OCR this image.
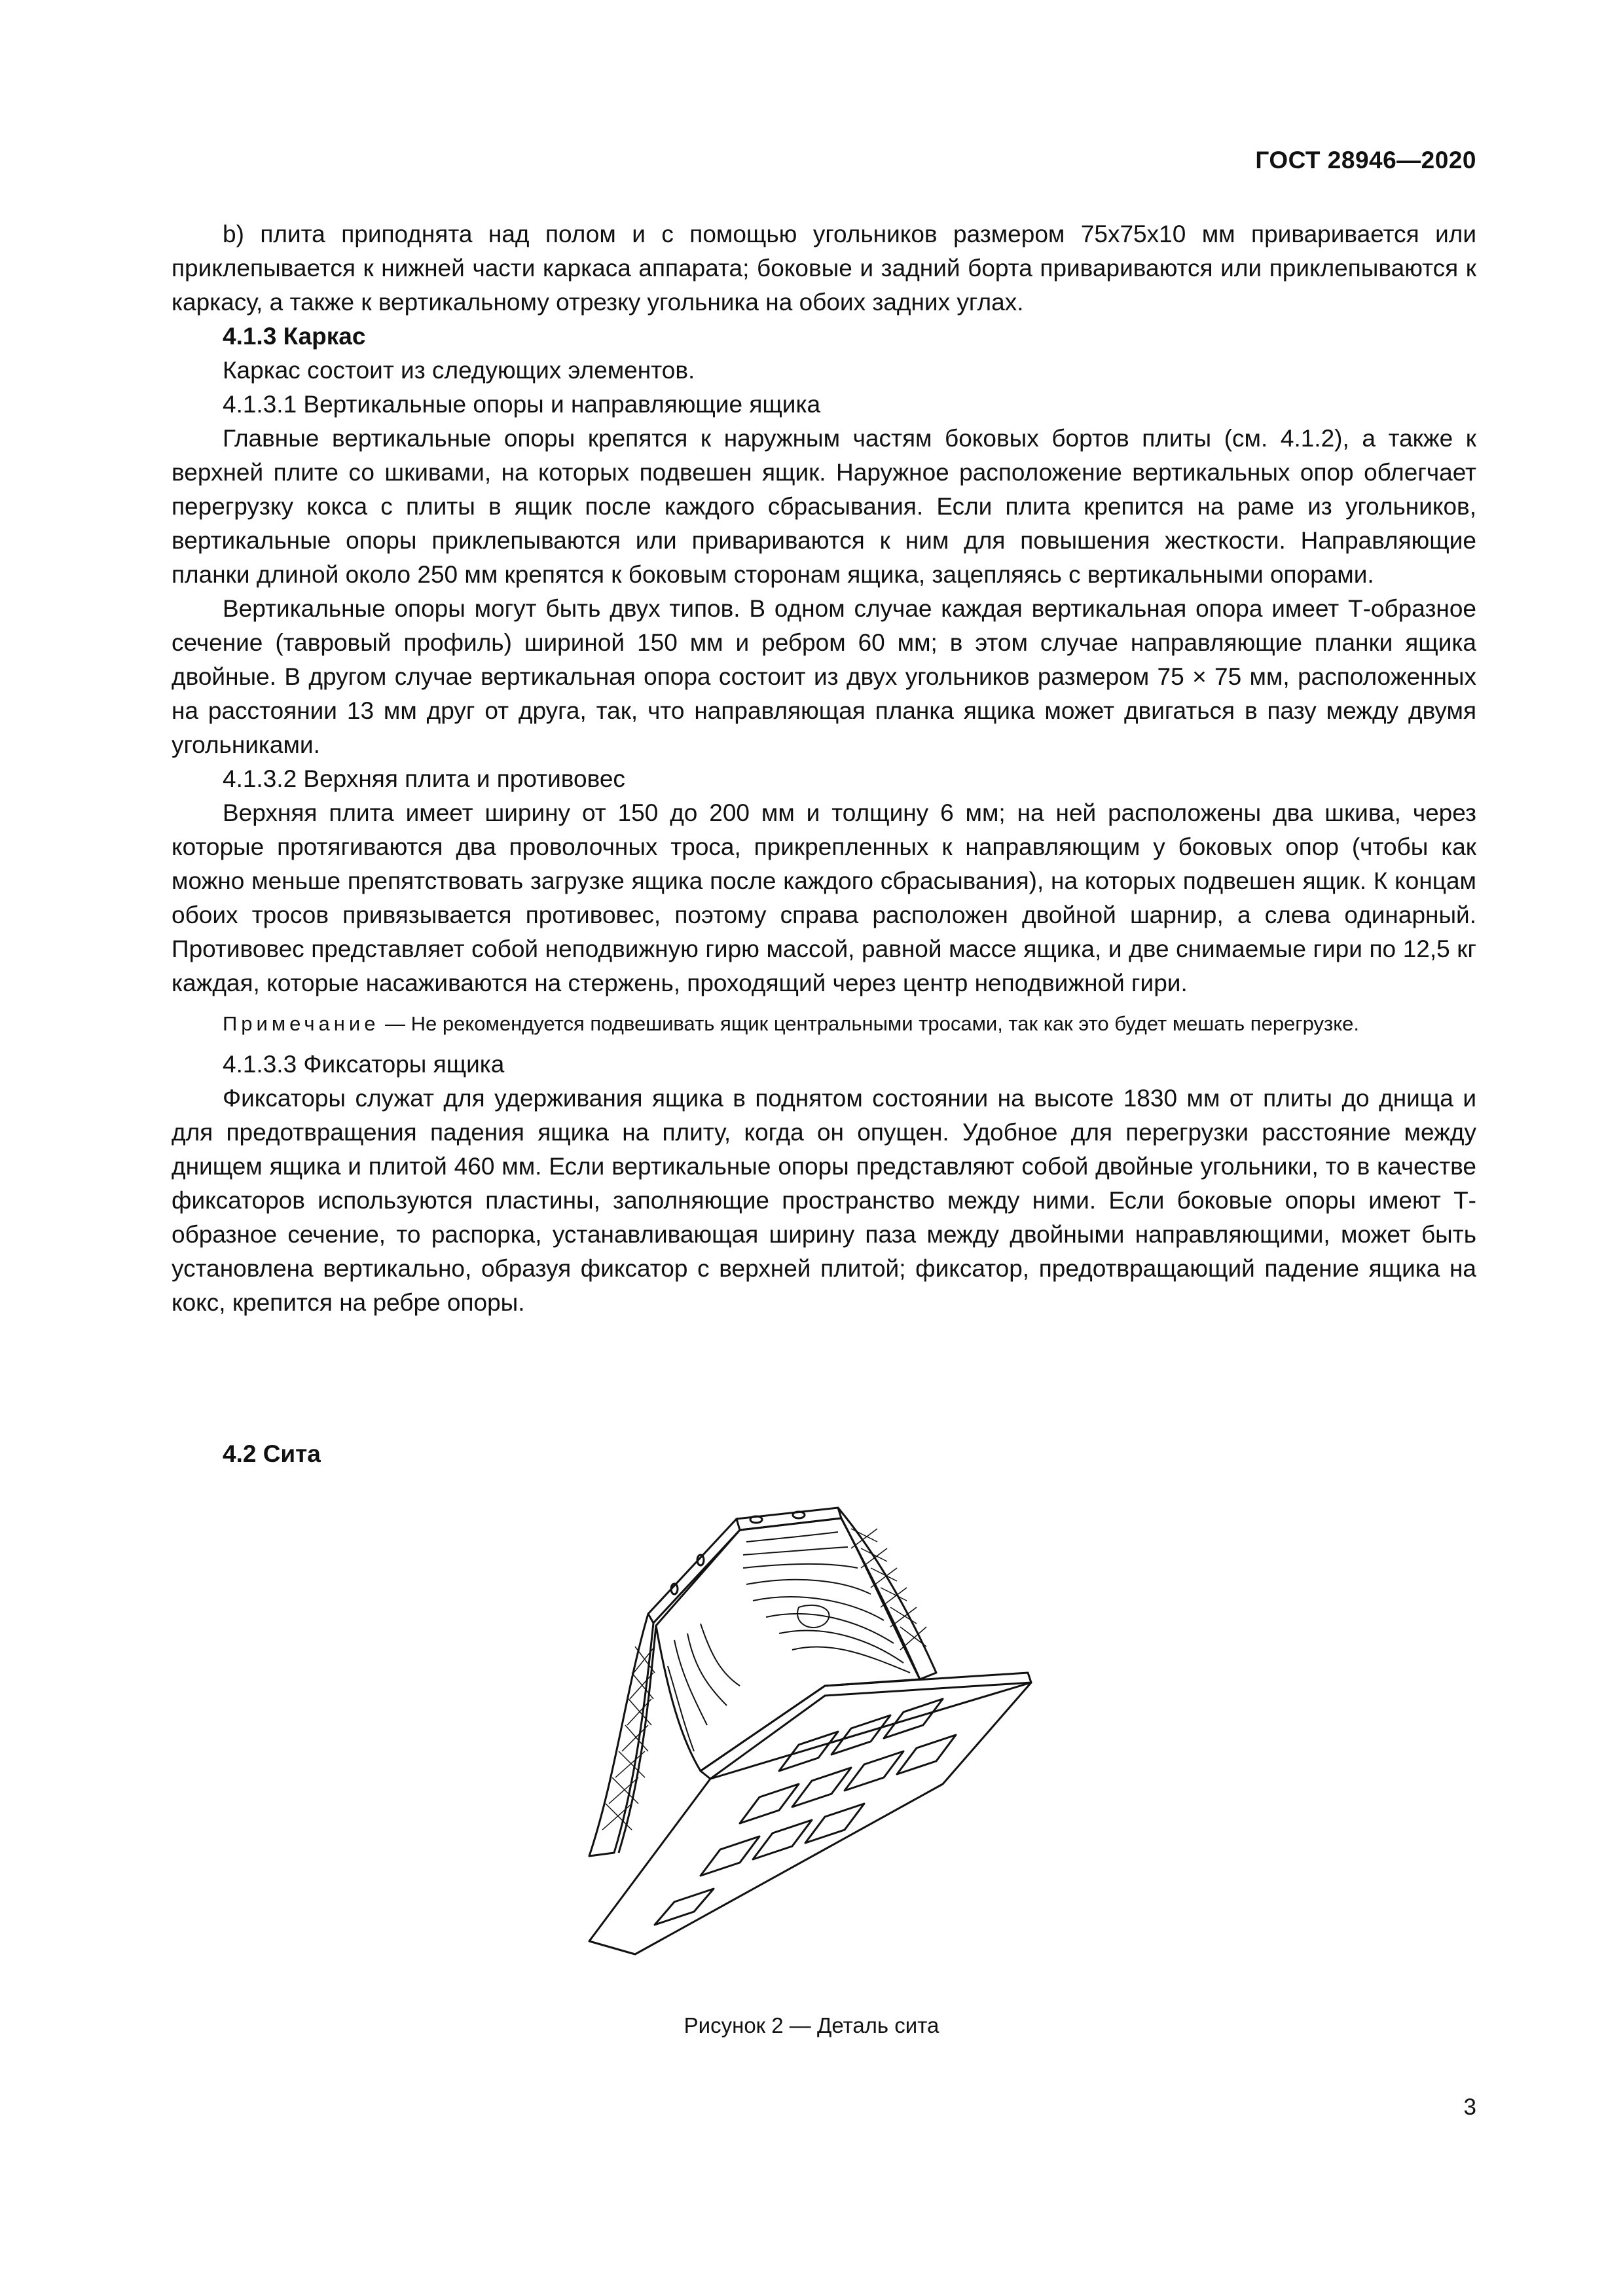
ГОСТ 28946—2020

b) плита приподнята над полом и с помощью угольников размером 75х75х10 мм приваривается или приклепывается к нижней части каркаса аппарата; боковые и задний борта привариваются или приклепываются к каркасу, а также к вертикальному отрезку угольника на обоих задних углах.

4.1.3 Каркас

Каркас состоит из следующих элементов.

4.1.3.1 Вертикальные опоры и направляющие ящика

Главные вертикальные опоры крепятся к наружным частям боковых бортов плиты (см. 4.1.2), а также к верхней плите со шкивами, на которых подвешен ящик. Наружное расположение вертикальных опор облегчает перегрузку кокса с плиты в ящик после каждого сбрасывания. Если плита крепится на раме из угольников, вертикальные опоры приклепываются или привариваются к ним для повышения жесткости. Направляющие планки длиной около 250 мм крепятся к боковым сторонам ящика, зацепляясь с вертикальными опорами.

Вертикальные опоры могут быть двух типов. В одном случае каждая вертикальная опора имеет Т-образное сечение (тавровый профиль) шириной 150 мм и ребром 60 мм; в этом случае направляющие планки ящика двойные. В другом случае вертикальная опора состоит из двух угольников размером 75 × 75 мм, расположенных на расстоянии 13 мм друг от друга, так, что направляющая планка ящика может двигаться в пазу между двумя угольниками.

4.1.3.2 Верхняя плита и противовес

Верхняя плита имеет ширину от 150 до 200 мм и толщину 6 мм; на ней расположены два шкива, через которые протягиваются два проволочных троса, прикрепленных к направляющим у боковых опор (чтобы как можно меньше препятствовать загрузке ящика после каждого сбрасывания), на которых подвешен ящик. К концам обоих тросов привязывается противовес, поэтому справа расположен двойной шарнир, а слева одинарный. Противовес представляет собой неподвижную гирю массой, равной массе ящика, и две снимаемые гири по 12,5 кг каждая, которые насаживаются на стержень, проходящий через центр неподвижной гири.

Примечание — Не рекомендуется подвешивать ящик центральными тросами, так как это будет мешать перегрузке.

4.1.3.3 Фиксаторы ящика

Фиксаторы служат для удерживания ящика в поднятом состоянии на высоте 1830 мм от плиты до днища и для предотвращения падения ящика на плиту, когда он опущен. Удобное для перегрузки расстояние между днищем ящика и плитой 460 мм. Если вертикальные опоры представляют собой двойные угольники, то в качестве фиксаторов используются пластины, заполняющие пространство между ними. Если боковые опоры имеют Т-образное сечение, то распорка, устанавливающая ширину паза между двойными направляющими, может быть установлена вертикально, образуя фиксатор с верхней плитой; фиксатор, предотвращающий падение ящика на кокс, крепится на ребре опоры.

4.2 Сита
Рисунок 2 — Деталь сита
3
